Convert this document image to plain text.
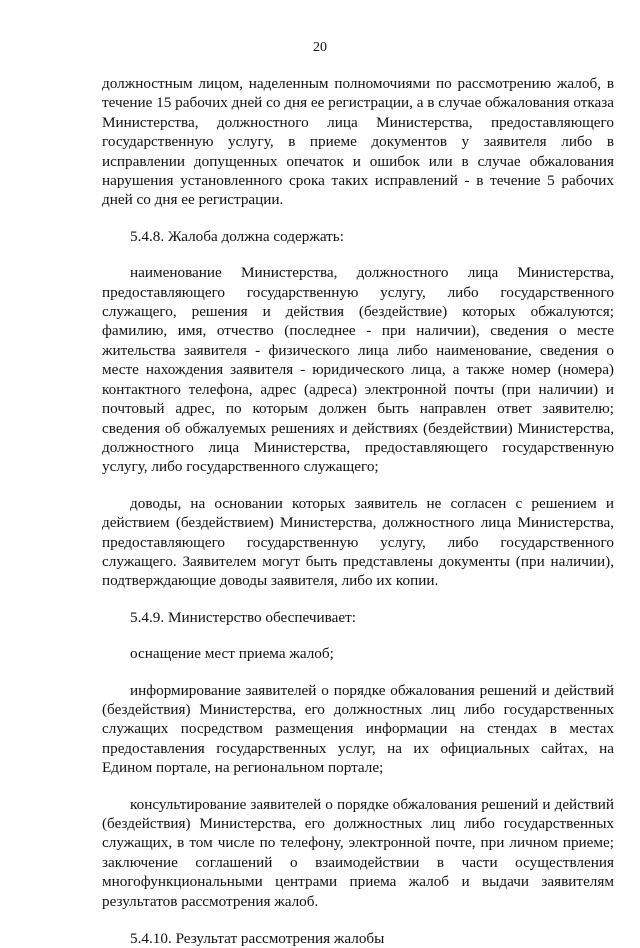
20

должностным лицом, наделенным полномочиями по рассмотрению жалоб, в течение 15 рабочих дней со дня ее регистрации, а в случае обжалования отказа Министерства, должностного лица Министерства, предоставляющего государственную услугу, в приеме документов у заявителя либо в исправлении допущенных опечаток и ошибок или в случае обжалования нарушения установленного срока таких исправлений - в течение 5 рабочих дней со дня ее регистрации.

5.4.8. Жалоба должна содержать:

наименование Министерства, должностного лица Министерства, предоставляющего государственную услугу, либо государственного служащего, решения и действия (бездействие) которых обжалуются; фамилию, имя, отчество (последнее - при наличии), сведения о месте жительства заявителя - физического лица либо наименование, сведения о месте нахождения заявителя - юридического лица, а также номер (номера) контактного телефона, адрес (адреса) электронной почты (при наличии) и почтовый адрес, по которым должен быть направлен ответ заявителю; сведения об обжалуемых решениях и действиях (бездействии) Министерства, должностного лица Министерства, предоставляющего государственную услугу, либо государственного служащего;

доводы, на основании которых заявитель не согласен с решением и действием (бездействием) Министерства, должностного лица Министерства, предоставляющего государственную услугу, либо государственного служащего. Заявителем могут быть представлены документы (при наличии), подтверждающие доводы заявителя, либо их копии.

5.4.9. Министерство обеспечивает:

оснащение мест приема жалоб;

информирование заявителей о порядке обжалования решений и действий (бездействия) Министерства, его должностных лиц либо государственных служащих посредством размещения информации на стендах в местах предоставления государственных услуг, на их официальных сайтах, на Едином портале, на региональном портале;

консультирование заявителей о порядке обжалования решений и действий (бездействия) Министерства, его должностных лиц либо государственных служащих, в том числе по телефону, электронной почте, при личном приеме; заключение соглашений о взаимодействии в части осуществления многофункциональными центрами приема жалоб и выдачи заявителям результатов рассмотрения жалоб.

5.4.10. Результат рассмотрения жалобы
